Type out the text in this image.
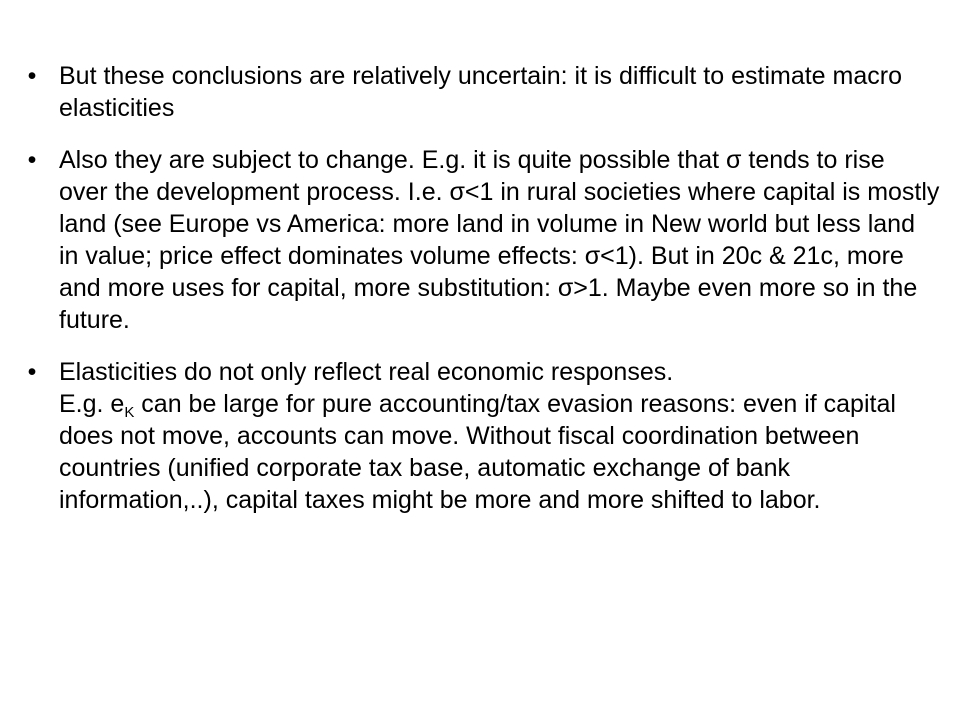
• But these conclusions are relatively uncertain: it is difficult to estimate macro elasticities
• Also they are subject to change. E.g. it is quite possible that σ tends to rise over the development process. I.e. σ<1 in rural societies where capital is mostly land (see Europe vs America: more land in volume in New world but less land in value; price effect dominates volume effects: σ<1). But in 20c & 21c, more and more uses for capital, more substitution: σ>1. Maybe even more so in the future.
• Elasticities do not only reflect real economic responses.
E.g. $e_K$ can be large for pure accounting/tax evasion reasons: even if capital does not move, accounts can move. Without fiscal coordination between countries (unified corporate tax base, automatic exchange of bank information,..), capital taxes might be more and more shifted to labor.
